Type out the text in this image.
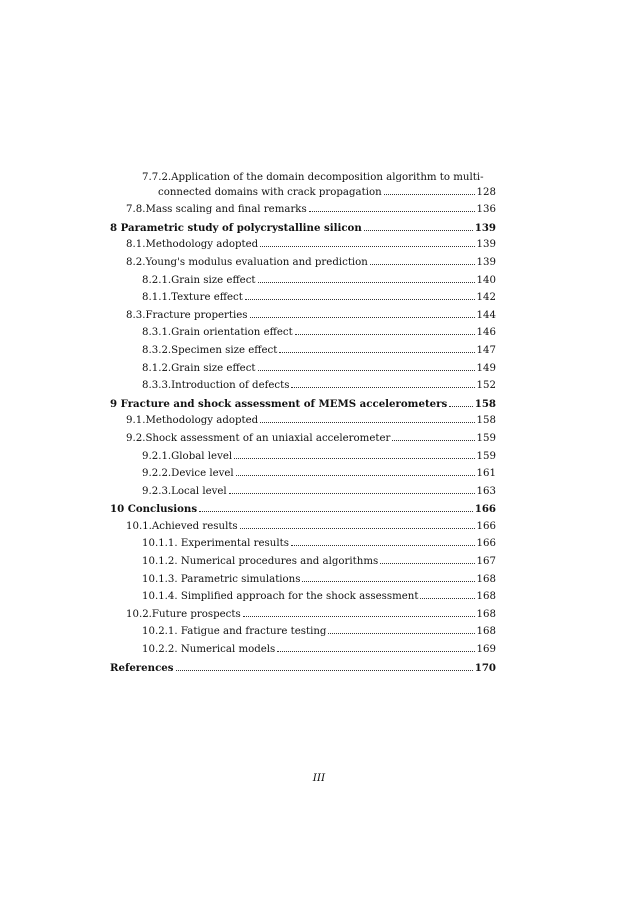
7.7.2.Application of the domain decomposition algorithm to multi-
connected domains with crack propagation	128
7.8.Mass scaling and final remarks	136
8 Parametric study of polycrystalline silicon	139
8.1.Methodology adopted	139
8.2.Young's modulus evaluation and prediction	139
8.2.1.Grain size effect	140
8.1.1.Texture effect	142
8.3.Fracture properties	144
8.3.1.Grain orientation effect	146
8.3.2.Specimen size effect	147
8.1.2.Grain size effect	149
8.3.3.Introduction of defects	152
9 Fracture and shock assessment of MEMS accelerometers	158
9.1.Methodology adopted	158
9.2.Shock assessment of an uniaxial accelerometer	159
9.2.1.Global level	159
9.2.2.Device level	161
9.2.3.Local level	163
10 Conclusions	166
10.1.Achieved results	166
10.1.1. Experimental results	166
10.1.2. Numerical procedures and algorithms	167
10.1.3. Parametric simulations	168
10.1.4. Simplified approach for the shock assessment	168
10.2.Future prospects	168
10.2.1. Fatigue and fracture testing	168
10.2.2. Numerical models	169
References	170
III
